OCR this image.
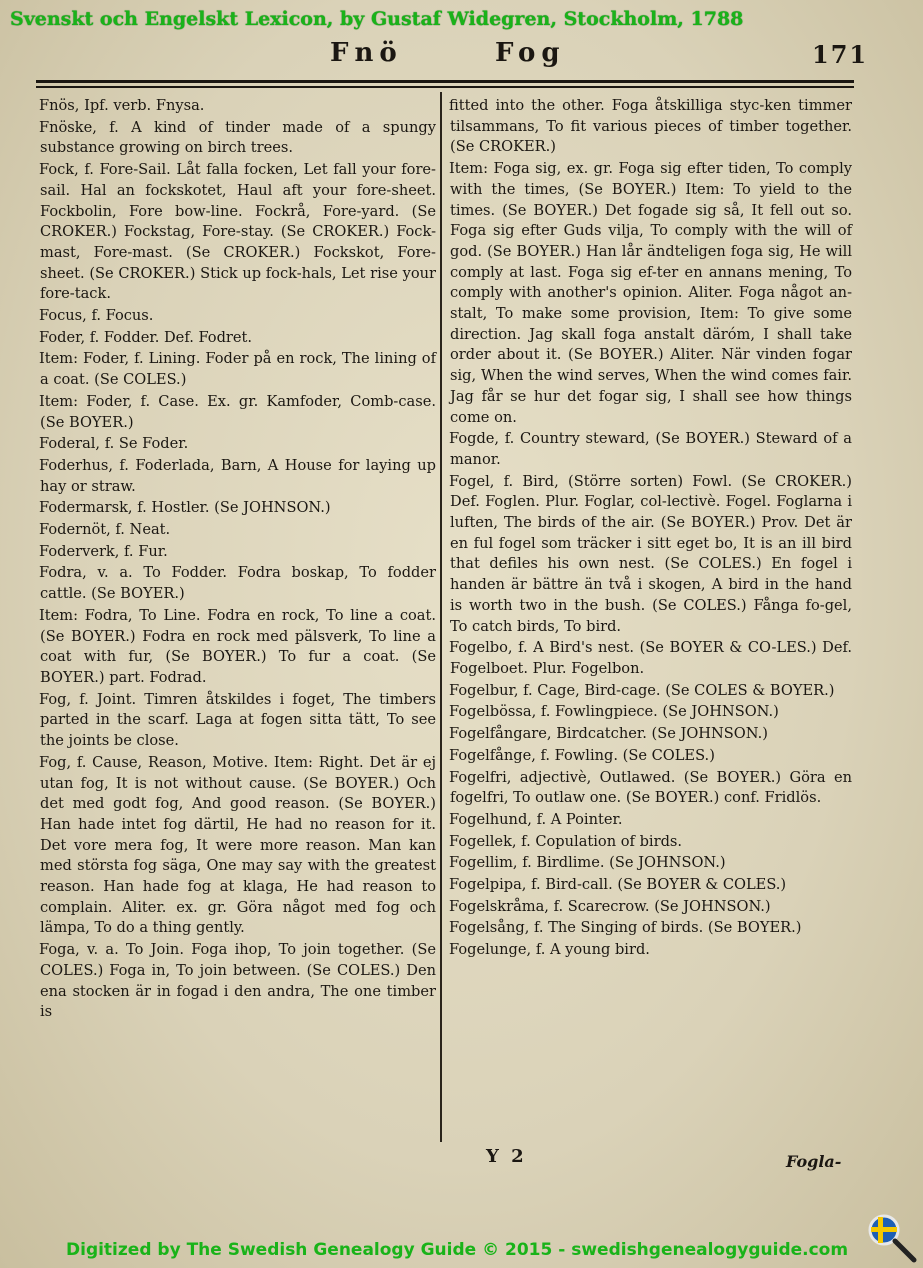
Svenskt och Engelskt Lexicon, by Gustaf Widegren, Stockholm, 1788
Fnö	Fog	171

Fnös, Ipf. verb. Fnysa.

Fnöske, f. A kind of tinder made of a spungy substance growing on birch trees.

Fock, f. Fore-Sail. Låt falla focken, Let fall your fore-sail. Hal an fockskotet, Haul aft your fore-sheet. Fockbolin, Fore bow-line. Fockrå, Fore-yard. (Se CROKER.) Fockstag, Fore-stay. (Se CROKER.) Fock-mast, Fore-mast. (Se CROKER.) Fockskot, Fore-sheet. (Se CROKER.) Stick up fock-hals, Let rise your fore-tack.

Focus, f. Focus.

Foder, f. Fodder. Def. Fodret.

Item: Foder, f. Lining. Foder på en rock, The lining of a coat. (Se COLES.)

Item: Foder, f. Case. Ex. gr. Kamfoder, Comb-case. (Se BOYER.)

Foderal, f. Se Foder.

Foderhus, f. Foderlada, Barn, A House for laying up hay or straw.

Fodermarsk, f. Hostler. (Se JOHNSON.)

Fodernöt, f. Neat.

Foderverk, f. Fur.

Fodra, v. a. To Fodder. Fodra boskap, To fodder cattle. (Se BOYER.)

Item: Fodra, To Line. Fodra en rock, To line a coat. (Se BOYER.) Fodra en rock med pälsverk, To line a coat with fur, (Se BOYER.) To fur a coat. (Se BOYER.) part. Fodrad.

Fog, f. Joint. Timren åtskildes i foget, The timbers parted in the scarf. Laga at fogen sitta tätt, To see the joints be close.

Fog, f. Cause, Reason, Motive. Item: Right. Det är ej utan fog, It is not without cause. (Se BOYER.) Och det med godt fog, And good reason. (Se BOYER.) Han hade intet fog därtil, He had no reason for it. Det vore mera fog, It were more reason. Man kan med största fog säga, One may say with the greatest reason. Han hade fog at klaga, He had reason to complain. Aliter. ex. gr. Göra något med fog och lämpa, To do a thing gently.

Foga, v. a. To Join. Foga ihop, To join together. (Se COLES.) Foga in, To join between. (Se COLES.) Den ena stocken är in fogad i den andra, The one timber is

fitted into the other. Foga åtskilliga styc-ken timmer tilsammans, To fit various pieces of timber together. (Se CROKER.)

Item: Foga sig, ex. gr. Foga sig efter tiden, To comply with the times, (Se BOYER.) Item: To yield to the times. (Se BOYER.) Det fogade sig så, It fell out so. Foga sig efter Guds vilja, To comply with the will of god. (Se BOYER.) Han lår ändteligen foga sig, He will comply at last. Foga sig ef-ter en annans mening, To comply with another's opinion. Aliter. Foga något an-stalt, To make some provision, Item: To give some direction. Jag skall foga anstalt däróm, I shall take order about it. (Se BOYER.) Aliter. När vinden fogar sig, When the wind serves, When the wind comes fair. Jag får se hur det fogar sig, I shall see how things come on.

Fogde, f. Country steward, (Se BOYER.) Steward of a manor.

Fogel, f. Bird, (Större sorten) Fowl. (Se CROKER.) Def. Foglen. Plur. Foglar, col-lectivè. Fogel. Foglarna i luften, The birds of the air. (Se BOYER.) Prov. Det är en ful fogel som träcker i sitt eget bo, It is an ill bird that defiles his own nest. (Se COLES.) En fogel i handen är bättre än två i skogen, A bird in the hand is worth two in the bush. (Se COLES.) Fånga fo-gel, To catch birds, To bird.

Fogelbo, f. A Bird's nest. (Se BOYER & CO-LES.) Def. Fogelboet. Plur. Fogelbon.

Fogelbur, f. Cage, Bird-cage. (Se COLES & BOYER.)

Fogelbössa, f. Fowlingpiece. (Se JOHNSON.)

Fogelfångare, Birdcatcher. (Se JOHNSON.)

Fogelfånge, f. Fowling. (Se COLES.)

Fogelfri, adjectivè, Outlawed. (Se BOYER.) Göra en fogelfri, To outlaw one. (Se BOYER.) conf. Fridlös.

Fogelhund, f. A Pointer.

Fogellek, f. Copulation of birds.

Fogellim, f. Birdlime. (Se JOHNSON.)

Fogelpipa, f. Bird-call. (Se BOYER & COLES.)

Fogelskråma, f. Scarecrow. (Se JOHNSON.)

Fogelsång, f. The Singing of birds. (Se BOYER.)

Fogelunge, f. A young bird.

Y 2	Fogla-
Digitized by The Swedish Genealogy Guide © 2015 - swedishgenealogyguide.com
